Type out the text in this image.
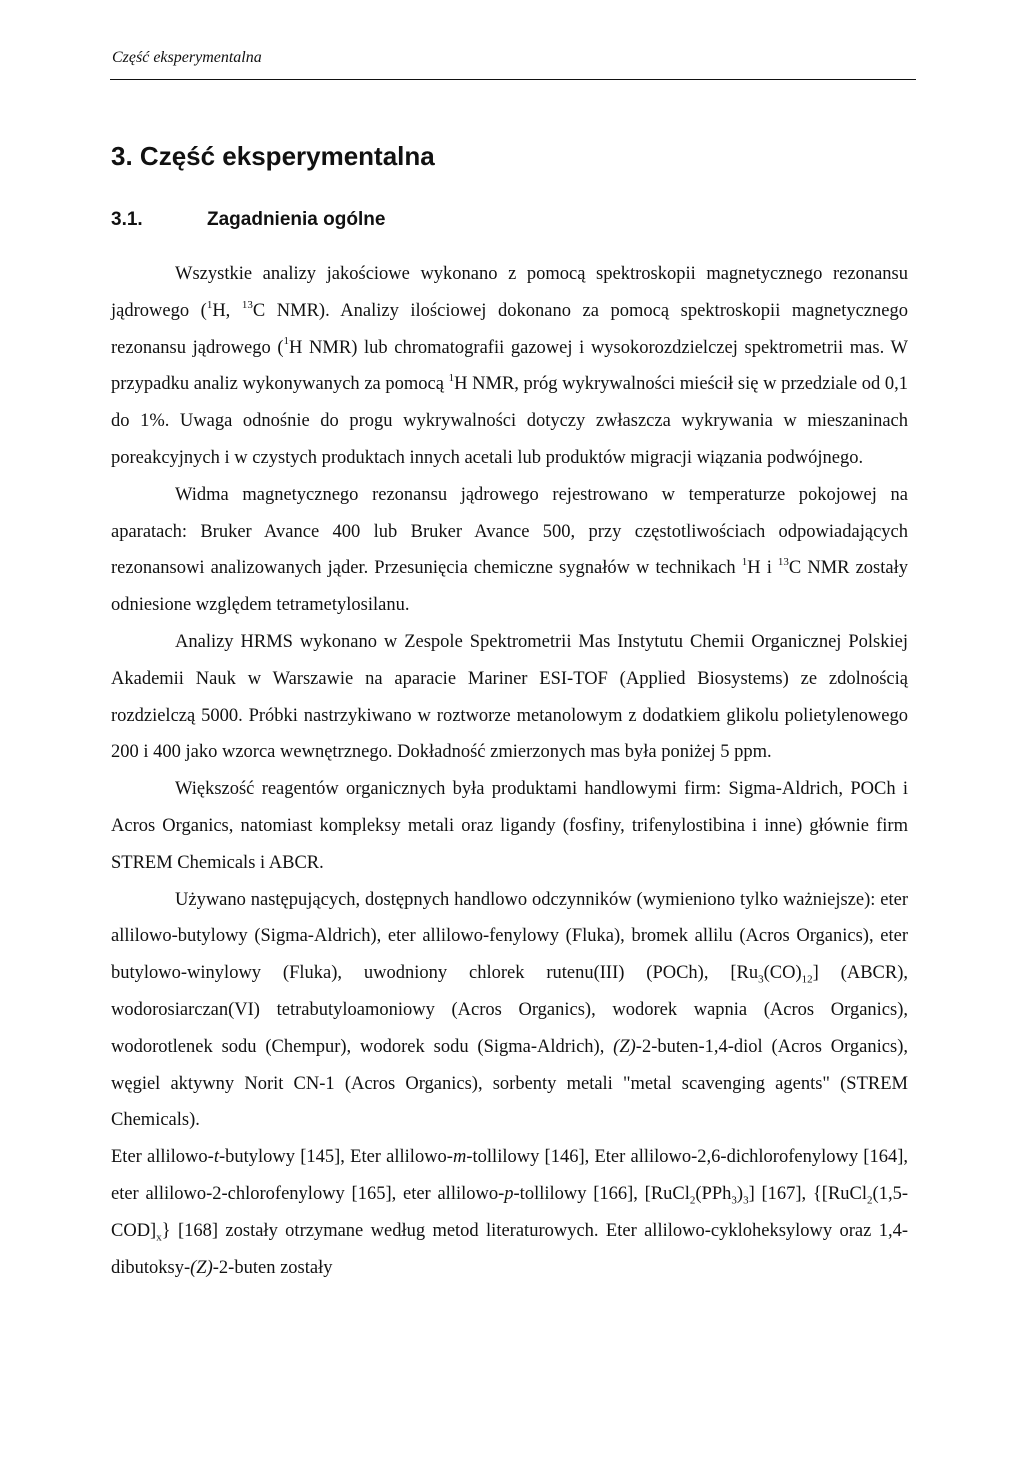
Część eksperymentalna
3. Część eksperymentalna
3.1.	Zagadnienia ogólne

Wszystkie analizy jakościowe wykonano z pomocą spektroskopii magnetycznego rezonansu jądrowego ($^1$H, $^{13}$C NMR). Analizy ilościowej dokonano za pomocą spektroskopii magnetycznego rezonansu jądrowego ($^1$H NMR) lub chromatografii gazowej i wysokorozdzielczej spektrometrii mas. W przypadku analiz wykonywanych za pomocą $^1$H NMR, próg wykrywalności mieścił się w przedziale od 0,1 do 1%. Uwaga odnośnie do progu wykrywalności dotyczy zwłaszcza wykrywania w mieszaninach poreakcyjnych i w czystych produktach innych acetali lub produktów migracji wiązania podwójnego.

Widma magnetycznego rezonansu jądrowego rejestrowano w temperaturze pokojowej na aparatach: Bruker Avance 400 lub Bruker Avance 500, przy częstotliwościach odpowiadających rezonansowi analizowanych jąder. Przesunięcia chemiczne sygnałów w technikach $^1$H i $^{13}$C NMR zostały odniesione względem tetrametylosilanu.

Analizy HRMS wykonano w Zespole Spektrometrii Mas Instytutu Chemii Organicznej Polskiej Akademii Nauk w Warszawie na aparacie Mariner ESI-TOF (Applied Biosystems) ze zdolnością rozdzielczą 5000. Próbki nastrzykiwano w roztworze metanolowym z dodatkiem glikolu polietylenowego 200 i 400 jako wzorca wewnętrznego. Dokładność zmierzonych mas była poniżej 5 ppm.

Większość reagentów organicznych była produktami handlowymi firm: Sigma-Aldrich, POCh i Acros Organics, natomiast kompleksy metali oraz ligandy (fosfiny, trifenylostibina i inne) głównie firm STREM Chemicals i ABCR.

Używano następujących, dostępnych handlowo odczynników (wymieniono tylko ważniejsze): eter allilowo-butylowy (Sigma-Aldrich), eter allilowo-fenylowy (Fluka), bromek allilu (Acros Organics), eter butylowo-winylowy (Fluka), uwodniony chlorek rutenu(III) (POCh), $[Ru_3(CO)_{12}]$ (ABCR), wodorosiarczan(VI) tetrabutyloamoniowy (Acros Organics), wodorek wapnia (Acros Organics), wodorotlenek sodu (Chempur), wodorek sodu (Sigma-Aldrich), (Z)-2-buten-1,4-diol (Acros Organics), węgiel aktywny Norit CN-1 (Acros Organics), sorbenty metali "metal scavenging agents" (STREM Chemicals).

Eter allilowo-t-butylowy [145], Eter allilowo-m-tollilowy [146], Eter allilowo-2,6-dichlorofenylowy [164], eter allilowo-2-chlorofenylowy [165], eter allilowo-p-tollilowy [166], $[RuCl_2(PPh_3)_3]$ [167], {$[RuCl_2(1,5-COD]_x\}$ [168] zostały otrzymane według metod literaturowych. Eter allilowo-cykloheksylowy oraz 1,4-dibutoksy-(Z)-2-buten zostały
